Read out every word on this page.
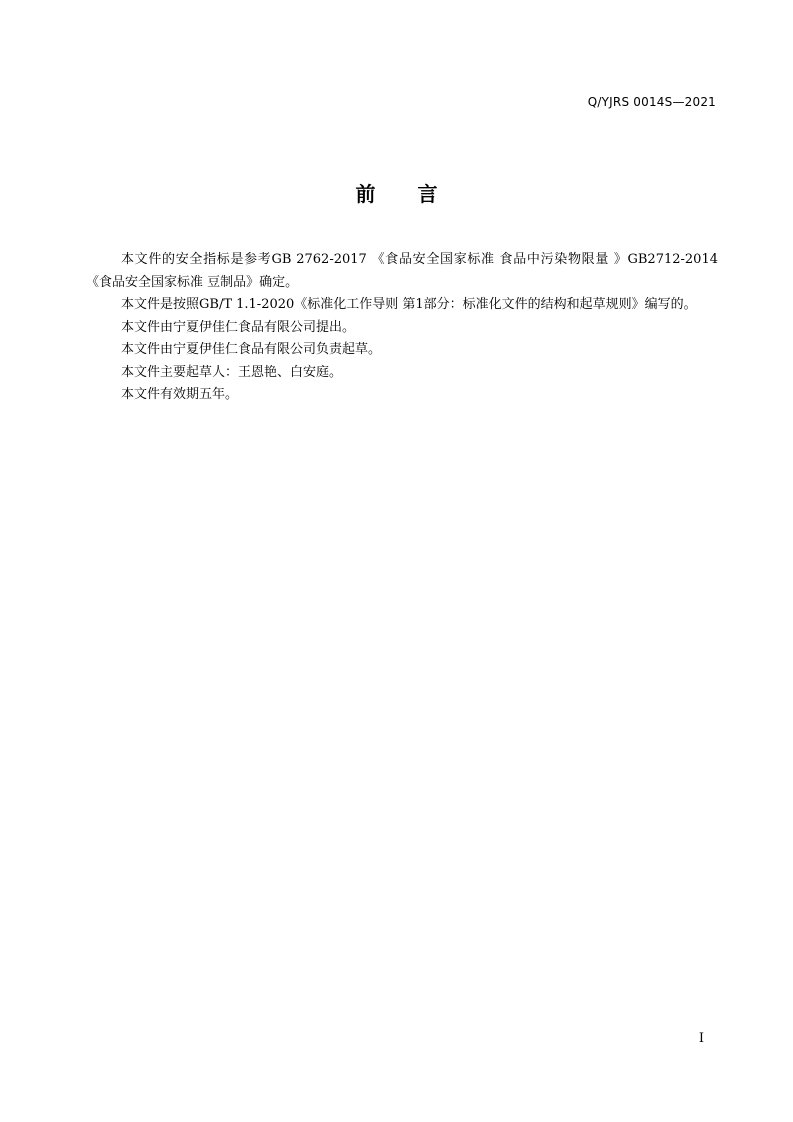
Q/YJRS 0014S—2021
前言

本文件的安全指标是参考GB 2762-2017 《食品安全国家标准 食品中污染物限量 》GB2712-2014《食品安全国家标准 豆制品》确定。

本文件是按照GB/T 1.1-2020《标准化工作导则 第1部分：标准化文件的结构和起草规则》编写的。

本文件由宁夏伊佳仁食品有限公司提出。

本文件由宁夏伊佳仁食品有限公司负责起草。

本文件主要起草人：王恩艳、白安庭。

本文件有效期五年。

I
